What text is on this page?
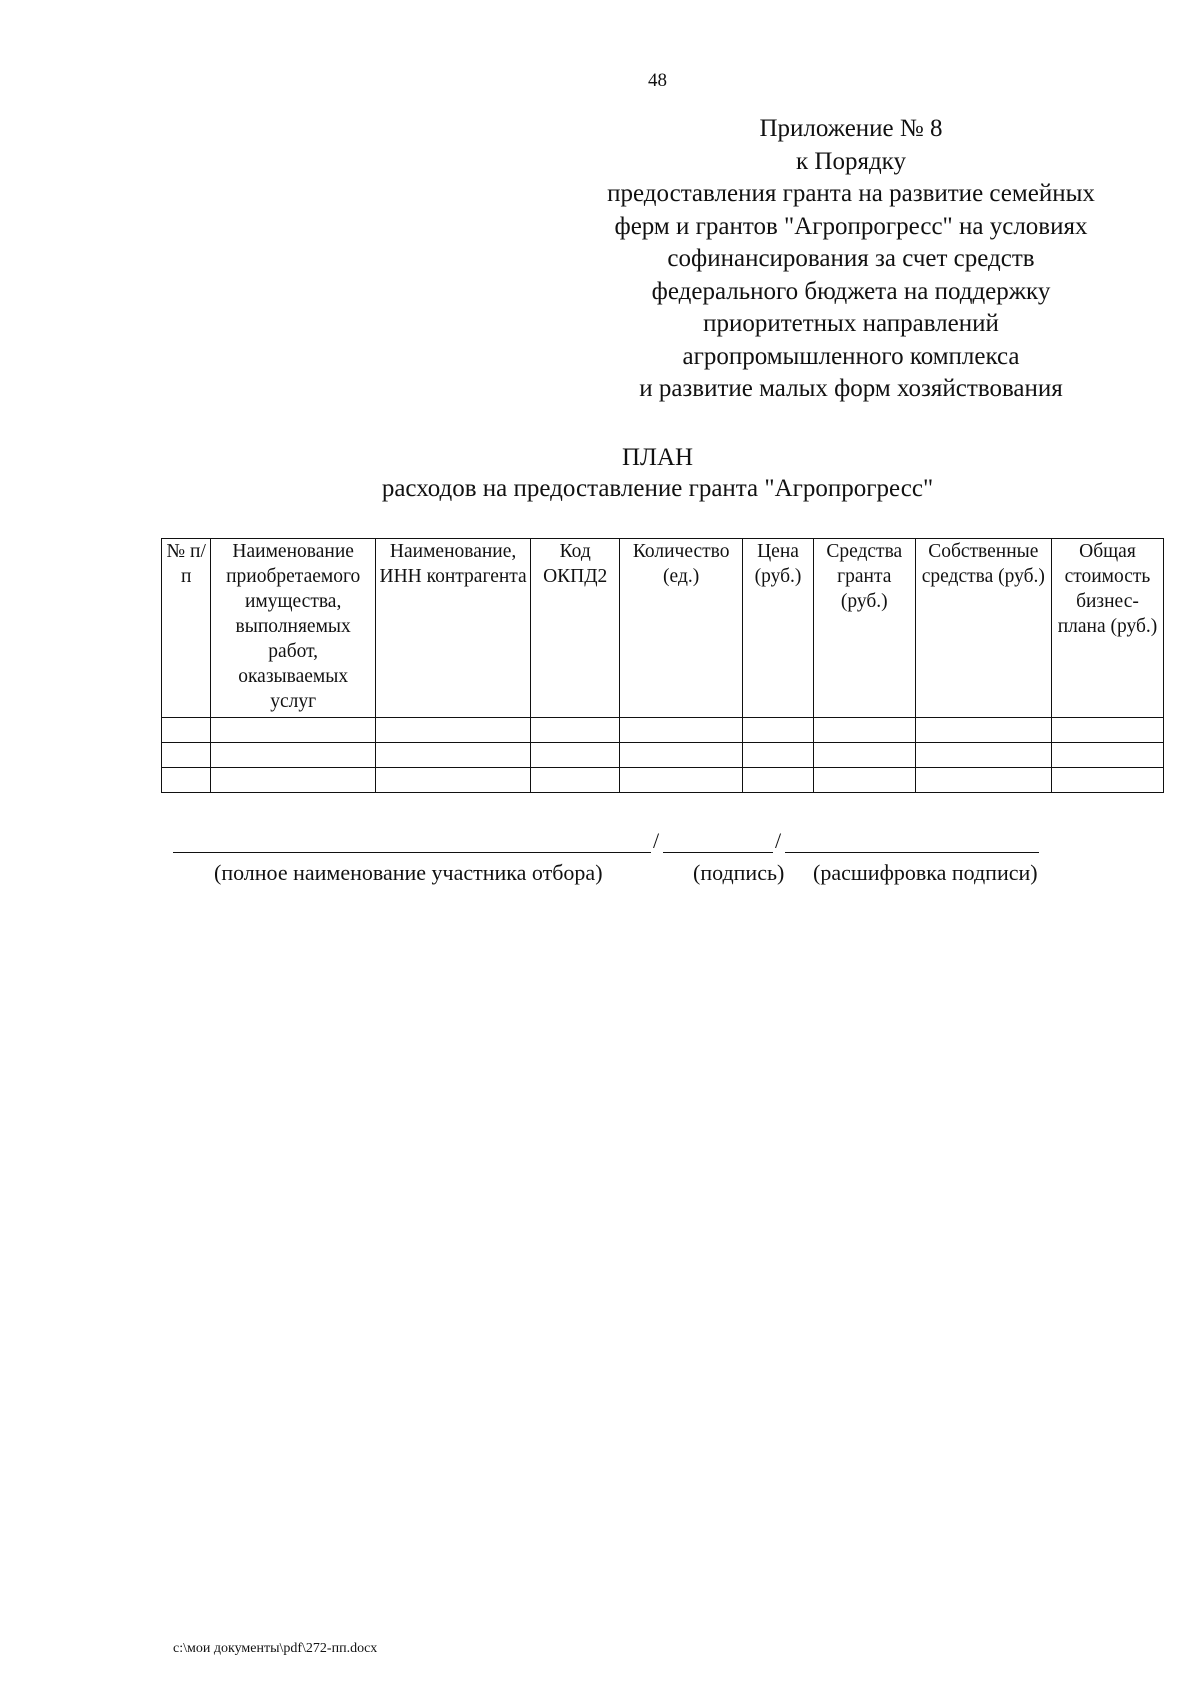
48
Приложение № 8
к Порядку
предоставления гранта на развитие семейных
ферм и грантов "Агропрогресс" на условиях
софинансирования за счет средств
федерального бюджета на поддержку
приоритетных направлений
агропромышленного комплекса
и развитие малых форм хозяйствования
ПЛАН
расходов на предоставление гранта "Агропрогресс"
№ п/п	Наименование приобретаемого имущества, выполняемых работ, оказываемых услуг	Наименование, ИНН контрагента	Код ОКПД2	Количество (ед.)	Цена (руб.)	Средства гранта (руб.)	Собственные средства (руб.)	Общая стоимость бизнес-плана (руб.)

/	/
(полное наименование участника отбора)	(подпись) (расшифровка подписи)
c:\мои документы\pdf\272-пп.docx
